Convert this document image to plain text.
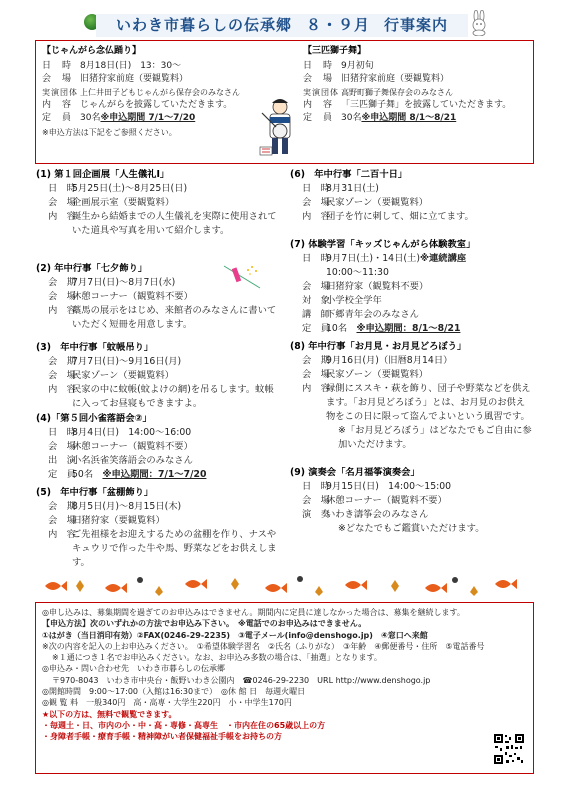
いわき市暮らしの伝承郷 ８・９月 行事案内
【じゃんがら念仏踊り】
日　時 8月18日(日)　13：30～
会　場 旧猪狩家前庭（要観覧料）
実演団体 上仁井田子どもじゃんがら保存会のみなさん
内　容 じゃんがらを披露していただきます。
定　員 30名※申込期間 7/1～7/20
※申込方法は下記をご参照ください。
【三匹獅子舞】
日　時 9月初旬
会　場 旧猪狩家前庭（要観覧料）
実演団体 高野町獅子舞保存会のみなさん
内　容 「三匹獅子舞」を披露していただきます。
定　員 30名※申込期間 8/1～8/21
(1) 第１回企画展「人生儀礼Ⅰ」
日　時
5月25日(土)～8月25日(日)
会　場
企画展示室（要観覧料）
内　容
誕生から結婚までの人生儀礼を実際に使用されていた道具や写真を用いて紹介します。
(2) 年中行事「七夕飾り」
会　期
7月7日(日)～8月7日(水)
会　場
休憩コーナー（観覧料不要）
内　容
藁馬の展示をはじめ、来館者のみなさんに書いていただく短冊を用意します。
(3)　年中行事「蚊帳吊り」
会　期
7月7日(日)～9月16日(月)
会　場
民家ゾーン（要観覧料）
内　容
民家の中に蚊帳(蚊よけの網)を吊るします。蚊帳に入ってお昼寝もできますよ。
(4)「第５回小雀落語会②」
日　時
8月4日(日)　14:00～16:00
会　場
休憩コーナー（観覧料不要）
出　演
小名浜雀笑落語会のみなさん
定　員
50名　 ※申込期間：7/1～7/20
(5)　年中行事「盆棚飾り」
会　期
8月5日(月)～8月15日(木)
会　場
旧猪狩家（要観覧料）
内　容
ご先祖様をお迎えするための盆棚を作り、ナスやキュウリで作った牛や馬、野菜などをお供えします。
(6)　年中行事「二百十日」
日　時
8月31日(土)
会　場
民家ゾーン（要観覧料）
内　容
団子を竹に刺して、畑に立てます。
(7) 体験学習「キッズじゃんがら体験教室」
日　時
9月7日(土)・14日(土)※連続講座
10:00～11:30
会　場
旧猪狩家（観覧料不要）
対　象
小学校全学年
講　師
下郷青年会のみなさん
定　員
10名　 ※申込期間：8/1～8/21
(8) 年中行事「お月見・お月見どろぼう」
会　期
9月16日(月)（旧暦8月14日）
会　場
民家ゾーン（要観覧料）
内　容
縁側にススキ・萩を飾り、団子や野菜などを供えます。「お月見どろぼう」とは、お月見のお供え物をこの日に限って盗んでよいという風習です。
※「お月見どろぼう」はどなたでもご自由に参加いただけます。
(9) 演奏会「名月福筝演奏会」
日　時
9月15日(日)　14:00～15:00
会　場
休憩コーナー（観覧料不要）
演　奏
いわき濤筝会のみなさん
※どなたでもご鑑賞いただけます。
◎申し込みは、募集期間を過ぎてのお申込みはできません。期間内に定員に達しなかった場合は、募集を継続します。
【申込方法】次のいずれかの方法でお申込み下さい。　※電話でのお申込みはできません。
①はがき（当日消印有効）②FAX(0246-29-2235)　③電子メール(info@denshogo.jp)　④窓口へ来館
※次の内容を記入の上お申込みください。　①希望体験学習名　②氏名（ふりがな）　③年齢　④郵便番号・住所　⑤電話番号
※１通につき１名でお申込みください。なお、お申込み多数の場合は、「抽選」となります。
◎申込み・問い合わせ先　いわき市暮らしの伝承郷
〒970-8043　いわき市中央台・飯野いわき公園内　☎0246-29-2230　URL http://www.denshogo.jp
◎開館時間　9:00～17:00（入館は16:30まで）　◎休 館 日　毎週火曜日
◎観 覧 料　一般340円　高・高専・大学生220円　小・中学生170円
★以下の方は、無料で観覧できます。
・毎週土・日、市内の小・中・高・専修・高専生　・市内在住の65歳以上の方
・身障者手帳・療育手帳・精神障がい者保健福祉手帳をお持ちの方
